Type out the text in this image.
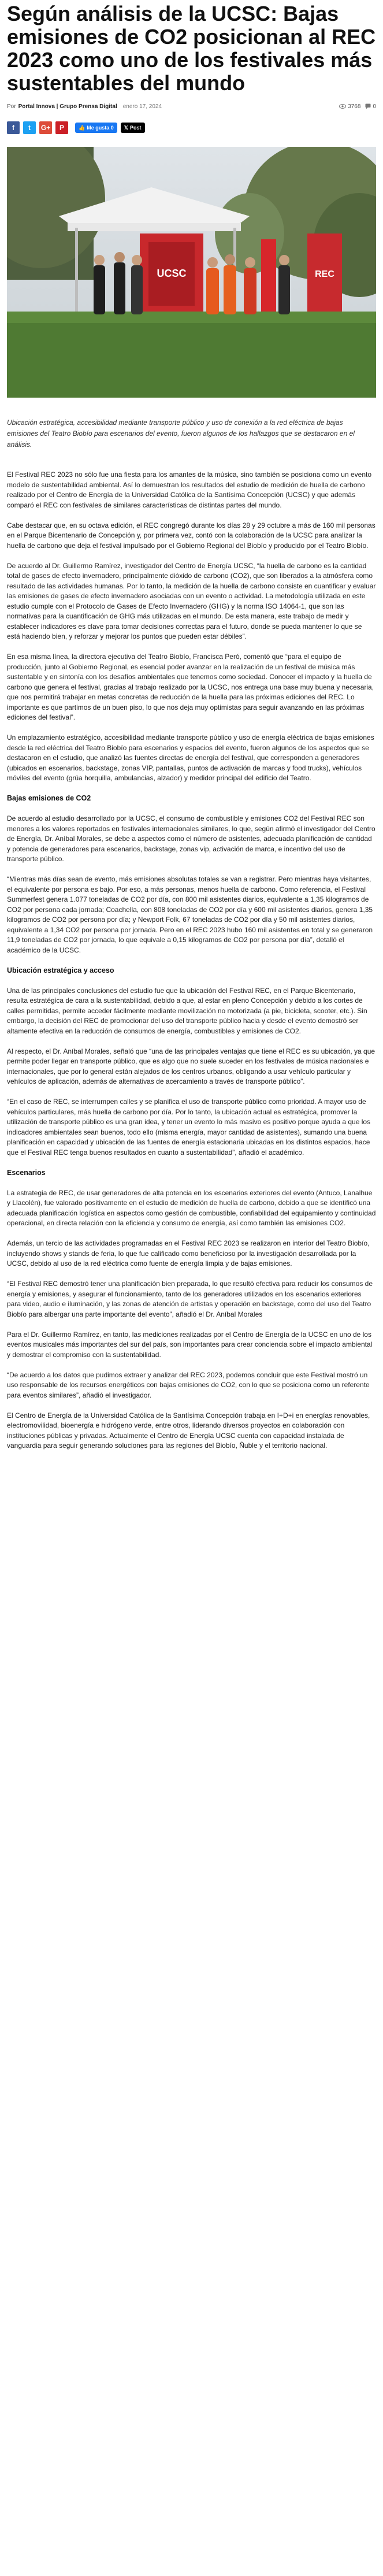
Según análisis de la UCSC: Bajas emisiones de CO2 posicionan al REC 2023 como uno de los festivales más sustentables del mundo
Por Portal Innova | Grupo Prensa Digital enero 17, 2024	3768 0
f t G+ P	👍 Me gusta 0 𝕏 Post
UCSC	REC

Ubicación estratégica, accesibilidad mediante transporte público y uso de conexión a la red eléctrica de bajas emisiones del Teatro Biobío para escenarios del evento, fueron algunos de los hallazgos que se destacaron en el análisis.

El Festival REC 2023 no sólo fue una fiesta para los amantes de la música, sino también se posiciona como un evento modelo de sustentabilidad ambiental. Así lo demuestran los resultados del estudio de medición de huella de carbono realizado por el Centro de Energía de la Universidad Católica de la Santísima Concepción (UCSC) y que además comparó el REC con festivales de similares características de distintas partes del mundo.

Cabe destacar que, en su octava edición, el REC congregó durante los días 28 y 29 octubre a más de 160 mil personas en el Parque Bicentenario de Concepción y, por primera vez, contó con la colaboración de la UCSC para analizar la huella de carbono que deja el festival impulsado por el Gobierno Regional del Biobío y producido por el Teatro Biobío.

De acuerdo al Dr. Guillermo Ramírez, investigador del Centro de Energía UCSC, “la huella de carbono es la cantidad total de gases de efecto invernadero, principalmente dióxido de carbono (CO2), que son liberados a la atmósfera como resultado de las actividades humanas. Por lo tanto, la medición de la huella de carbono consiste en cuantificar y evaluar las emisiones de gases de efecto invernadero asociadas con un evento o actividad. La metodología utilizada en este estudio cumple con el Protocolo de Gases de Efecto Invernadero (GHG) y la norma ISO 14064-1, que son las normativas para la cuantificación de GHG más utilizadas en el mundo. De esta manera, este trabajo de medir y establecer indicadores es clave para tomar decisiones correctas para el futuro, donde se pueda mantener lo que se está haciendo bien, y reforzar y mejorar los puntos que pueden estar débiles”.

En esa misma línea, la directora ejecutiva del Teatro Biobío, Francisca Peró, comentó que “para el equipo de producción, junto al Gobierno Regional, es esencial poder avanzar en la realización de un festival de música más sustentable y en sintonía con los desafíos ambientales que tenemos como sociedad. Conocer el impacto y la huella de carbono que genera el festival, gracias al trabajo realizado por la UCSC, nos entrega una base muy buena y necesaria, que nos permitirá trabajar en metas concretas de reducción de la huella para las próximas ediciones del REC. Lo importante es que partimos de un buen piso, lo que nos deja muy optimistas para seguir avanzando en las próximas ediciones del festival”.

Un emplazamiento estratégico, accesibilidad mediante transporte público y uso de energía eléctrica de bajas emisiones desde la red eléctrica del Teatro Biobío para escenarios y espacios del evento, fueron algunos de los aspectos que se destacaron en el estudio, que analizó las fuentes directas de energía del festival, que corresponden a generadores (ubicados en escenarios, backstage, zonas VIP, pantallas, puntos de activación de marcas y food trucks), vehículos móviles del evento (grúa horquilla, ambulancias, alzador) y medidor principal del edificio del Teatro.

Bajas emisiones de CO2

De acuerdo al estudio desarrollado por la UCSC, el consumo de combustible y emisiones CO2 del Festival REC son menores a los valores reportados en festivales internacionales similares, lo que, según afirmó el investigador del Centro de Energía, Dr. Aníbal Morales, se debe a aspectos como el número de asistentes, adecuada planificación de cantidad y potencia de generadores para escenarios, backstage, zonas vip, activación de marca, e incentivo del uso de transporte público.

“Mientras más días sean de evento, más emisiones absolutas totales se van a registrar. Pero mientras haya visitantes, el equivalente por persona es bajo. Por eso, a más personas, menos huella de carbono. Como referencia, el Festival Summerfest genera 1.077 toneladas de CO2 por día, con 800 mil asistentes diarios, equivalente a 1,35 kilogramos de CO2 por persona cada jornada; Coachella, con 808 toneladas de CO2 por día y 600 mil asistentes diarios, genera 1,35 kilogramos de CO2 por persona por día; y Newport Folk, 67 toneladas de CO2 por día y 50 mil asistentes diarios, equivalente a 1,34 CO2 por persona por jornada. Pero en el REC 2023 hubo 160 mil asistentes en total y se generaron 11,9 toneladas de CO2 por jornada, lo que equivale a 0,15 kilogramos de CO2 por persona por día”, detalló el académico de la UCSC.

Ubicación estratégica y acceso

Una de las principales conclusiones del estudio fue que la ubicación del Festival REC, en el Parque Bicentenario, resulta estratégica de cara a la sustentabilidad, debido a que, al estar en pleno Concepción y debido a los cortes de calles permitidas, permite acceder fácilmente mediante movilización no motorizada (a pie, bicicleta, scooter, etc.). Sin embargo, la decisión del REC de promocionar del uso del transporte público hacia y desde el evento demostró ser altamente efectiva en la reducción de consumos de energía, combustibles y emisiones de CO2.

Al respecto, el Dr. Aníbal Morales, señaló que “una de las principales ventajas que tiene el REC es su ubicación, ya que permite poder llegar en transporte público, que es algo que no suele suceder en los festivales de música nacionales e internacionales, que por lo general están alejados de los centros urbanos, obligando a usar vehículo particular y vehículos de aplicación, además de alternativas de acercamiento a través de transporte público”.

“En el caso de REC, se interrumpen calles y se planifica el uso de transporte público como prioridad. A mayor uso de vehículos particulares, más huella de carbono por día. Por lo tanto, la ubicación actual es estratégica, promover la utilización de transporte público es una gran idea, y tener un evento lo más masivo es positivo porque ayuda a que los indicadores ambientales sean buenos, todo ello (misma energía, mayor cantidad de asistentes), sumando una buena planificación en capacidad y ubicación de las fuentes de energía estacionaria ubicadas en los distintos espacios, hace que el Festival REC tenga buenos resultados en cuanto a sustentabilidad”, añadió el académico.

Escenarios

La estrategia de REC, de usar generadores de alta potencia en los escenarios exteriores del evento (Antuco, Lanalhue y Llacolén), fue valorado positivamente en el estudio de medición de huella de carbono, debido a que se identificó una adecuada planificación logística en aspectos como gestión de combustible, confiabilidad del equipamiento y continuidad operacional, en directa relación con la eficiencia y consumo de energía, así como también las emisiones CO2.

Además, un tercio de las actividades programadas en el Festival REC 2023 se realizaron en interior del Teatro Biobío, incluyendo shows y stands de feria, lo que fue calificado como beneficioso por la investigación desarrollada por la UCSC, debido al uso de la red eléctrica como fuente de energía limpia y de bajas emisiones.

“El Festival REC demostró tener una planificación bien preparada, lo que resultó efectiva para reducir los consumos de energía y emisiones, y asegurar el funcionamiento, tanto de los generadores utilizados en los escenarios exteriores para video, audio e iluminación, y las zonas de atención de artistas y operación en backstage, como del uso del Teatro Biobío para albergar una parte importante del evento”, añadió el Dr. Aníbal Morales

Para el Dr. Guillermo Ramírez, en tanto, las mediciones realizadas por el Centro de Energía de la UCSC en uno de los eventos musicales más importantes del sur del país, son importantes para crear conciencia sobre el impacto ambiental y demostrar el compromiso con la sustentabilidad.

“De acuerdo a los datos que pudimos extraer y analizar del REC 2023, podemos concluir que este Festival mostró un uso responsable de los recursos energéticos con bajas emisiones de CO2, con lo que se posiciona como un referente para eventos similares”, añadió el investigador.

El Centro de Energía de la Universidad Católica de la Santísima Concepción trabaja en I+D+i en energías renovables, electromovilidad, bioenergía e hidrógeno verde, entre otros, liderando diversos proyectos en colaboración con instituciones públicas y privadas. Actualmente el Centro de Energía UCSC cuenta con capacidad instalada de vanguardia para seguir generando soluciones para las regiones del Biobío, Ñuble y el territorio nacional.
